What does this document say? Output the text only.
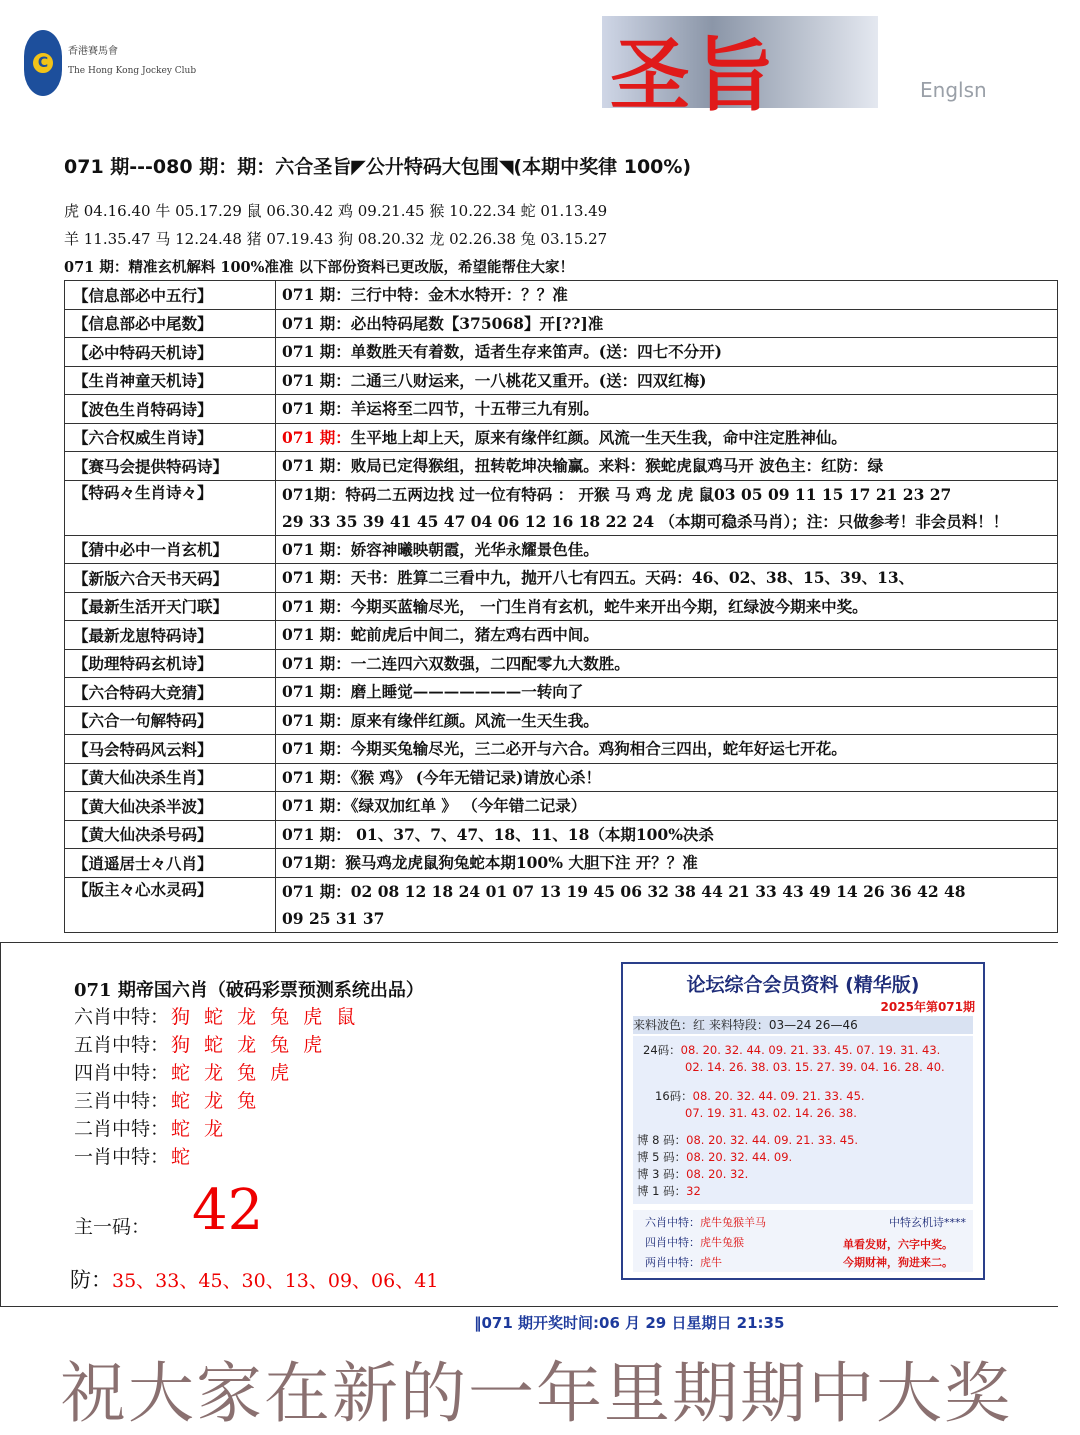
C
香港賽馬會
The Hong Kong Jockey Club	圣旨	Englsn
071 期---080 期：期：六合圣旨◤公廾特码大包围◥(本期中奖律 100%)
虎 04.16.40 牛 05.17.29 鼠 06.30.42 鸡 09.21.45 猴 10.22.34 蛇 01.13.49
羊 11.35.47 马 12.24.48 猪 07.19.43 狗 08.20.32 龙 02.26.38 兔 03.15.27
071 期：精准玄机解料 100%准准 以下部份资料已更改版，希望能帮住大家！
【信息部必中五行】	071 期：三行中特：金木水特开：？？准

【信息部必中尾数】	071 期：必出特码尾数【375068】开[??]准

【必中特码天机诗】	071 期：单数胜天有着数，适者生存来笛声。(送：四七不分开)

【生肖神童天机诗】	071 期：二通三八财运来，一八桃花又重开。(送：四双红梅)

【波色生肖特码诗】	071 期：羊运将至二四节，十五带三九有别。

【六合权威生肖诗】	071 期：生平地上却上天，原来有缘伴红颜。风流一生天生我，命中注定胜神仙。
【赛马会提供特码诗】	071 期：败局已定得猴组，扭转乾坤决输赢。来料：猴蛇虎鼠鸡马开 波色主：红防：绿

【特码々生肖诗々】	071期：特码二五两边找 过一位有特码 ： 开猴 马 鸡 龙 虎 鼠03 05 09 11 15 17 21 23 27
29 33 35 39 41 45 47 04 06 12 16 18 22 24 （本期可稳杀马肖）；注：只做参考！非会员料！！

【猜中必中一肖玄机】	071 期：娇容神曦映朝霞，光华永耀景色佳。

【新版六合天书天码】	071 期：天书：胜算二三看中九，抛开八七有四五。天码：46、02、38、15、39、13、

【最新生活开天门联】	071 期：今期买蓝输尽光， 一门生肖有玄机，蛇牛来开出今期，红绿波今期来中奖。

【最新龙崽特码诗】	071 期：蛇前虎后中间二，猪左鸡右西中间。

【助理特码玄机诗】	071 期：一二连四六双数强，二四配零九大数胜。

【六合特码大竞猜】	071 期：磨上睡觉———————一转向了

【六合一句解特码】	071 期：原来有缘伴红颜。风流一生天生我。

【马会特码风云料】	071 期：今期买兔输尽光，三二必开与六合。鸡狗相合三四出，蛇年好运七开花。

【黄大仙决杀生肖】	071 期：《猴 鸡》 (今年无错记录)请放心杀！

【黄大仙决杀半波】	071 期：《绿双加红单 》 （今年错二记录）

【黄大仙决杀号码】	071 期： 01、37、7、47、18、11、18（本期100%决杀

【逍遥居士々八肖】	071期：猴马鸡龙虎鼠狗兔蛇本期100% 大胆下注 开？？准

【版主々心水灵码】	071 期：02 08 12 18 24 01 07 13 19 45 06 32 38 44 21 33 43 49 14 26 36 42 48
09 25 31 37
071 期帝国六肖（破码彩票预测系统出品）
六肖中特： 狗 蛇 龙 兔 虎 鼠
五肖中特： 狗 蛇 龙 兔 虎
四肖中特： 蛇 龙 兔 虎
三肖中特： 蛇 龙 兔
二肖中特： 蛇 龙
一肖中特： 蛇
主一码： 42
防：35、33、45、30、13、09、06、41
论坛综合会员资料 (精华版)
2025年第071期
来料波色：红 来料特段：03—24 26—46
24码：08. 20. 32. 44. 09. 21. 33. 45. 07. 19. 31. 43.
02. 14. 26. 38. 03. 15. 27. 39. 04. 16. 28. 40.
16码：08. 20. 32. 44. 09. 21. 33. 45.
07. 19. 31. 43. 02. 14. 26. 38.
博 8 码：08. 20. 32. 44. 09. 21. 33. 45.
博 5 码：08. 20. 32. 44. 09.
博 3 码：08. 20. 32.
博 1 码：32
六肖中特：虎牛兔猴羊马
四肖中特：虎牛兔猴
两肖中特：虎牛
中特玄机诗****
单看发财，六字中奖。
今期财神，狗进来二。
‖071 期开奖时间:06 月 29 日星期日 21:35
祝大家在新的一年里期期中大奖
